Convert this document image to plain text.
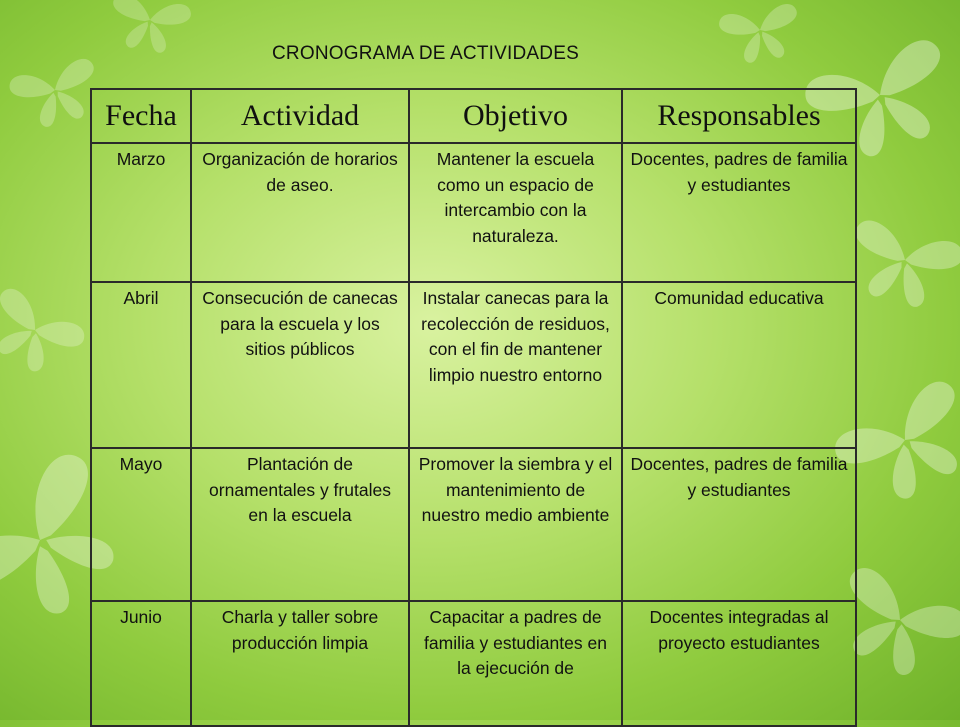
CRONOGRAMA DE ACTIVIDADES
Fecha	Actividad	Objetivo	Responsables
Marzo	Organización de horarios de aseo.	Mantener la escuela como un espacio de intercambio con la naturaleza.	Docentes, padres de familia y estudiantes
Abril	Consecución de canecas para la escuela y los sitios públicos	Instalar canecas para la recolección de residuos, con el fin de mantener limpio nuestro entorno	Comunidad educativa
Mayo	Plantación de ornamentales y frutales en la escuela	Promover la siembra y el mantenimiento de nuestro medio ambiente	Docentes, padres de familia y estudiantes
Junio	Charla y taller sobre producción limpia	Capacitar a padres de familia y estudiantes en la ejecución de	Docentes integradas al proyecto estudiantes
